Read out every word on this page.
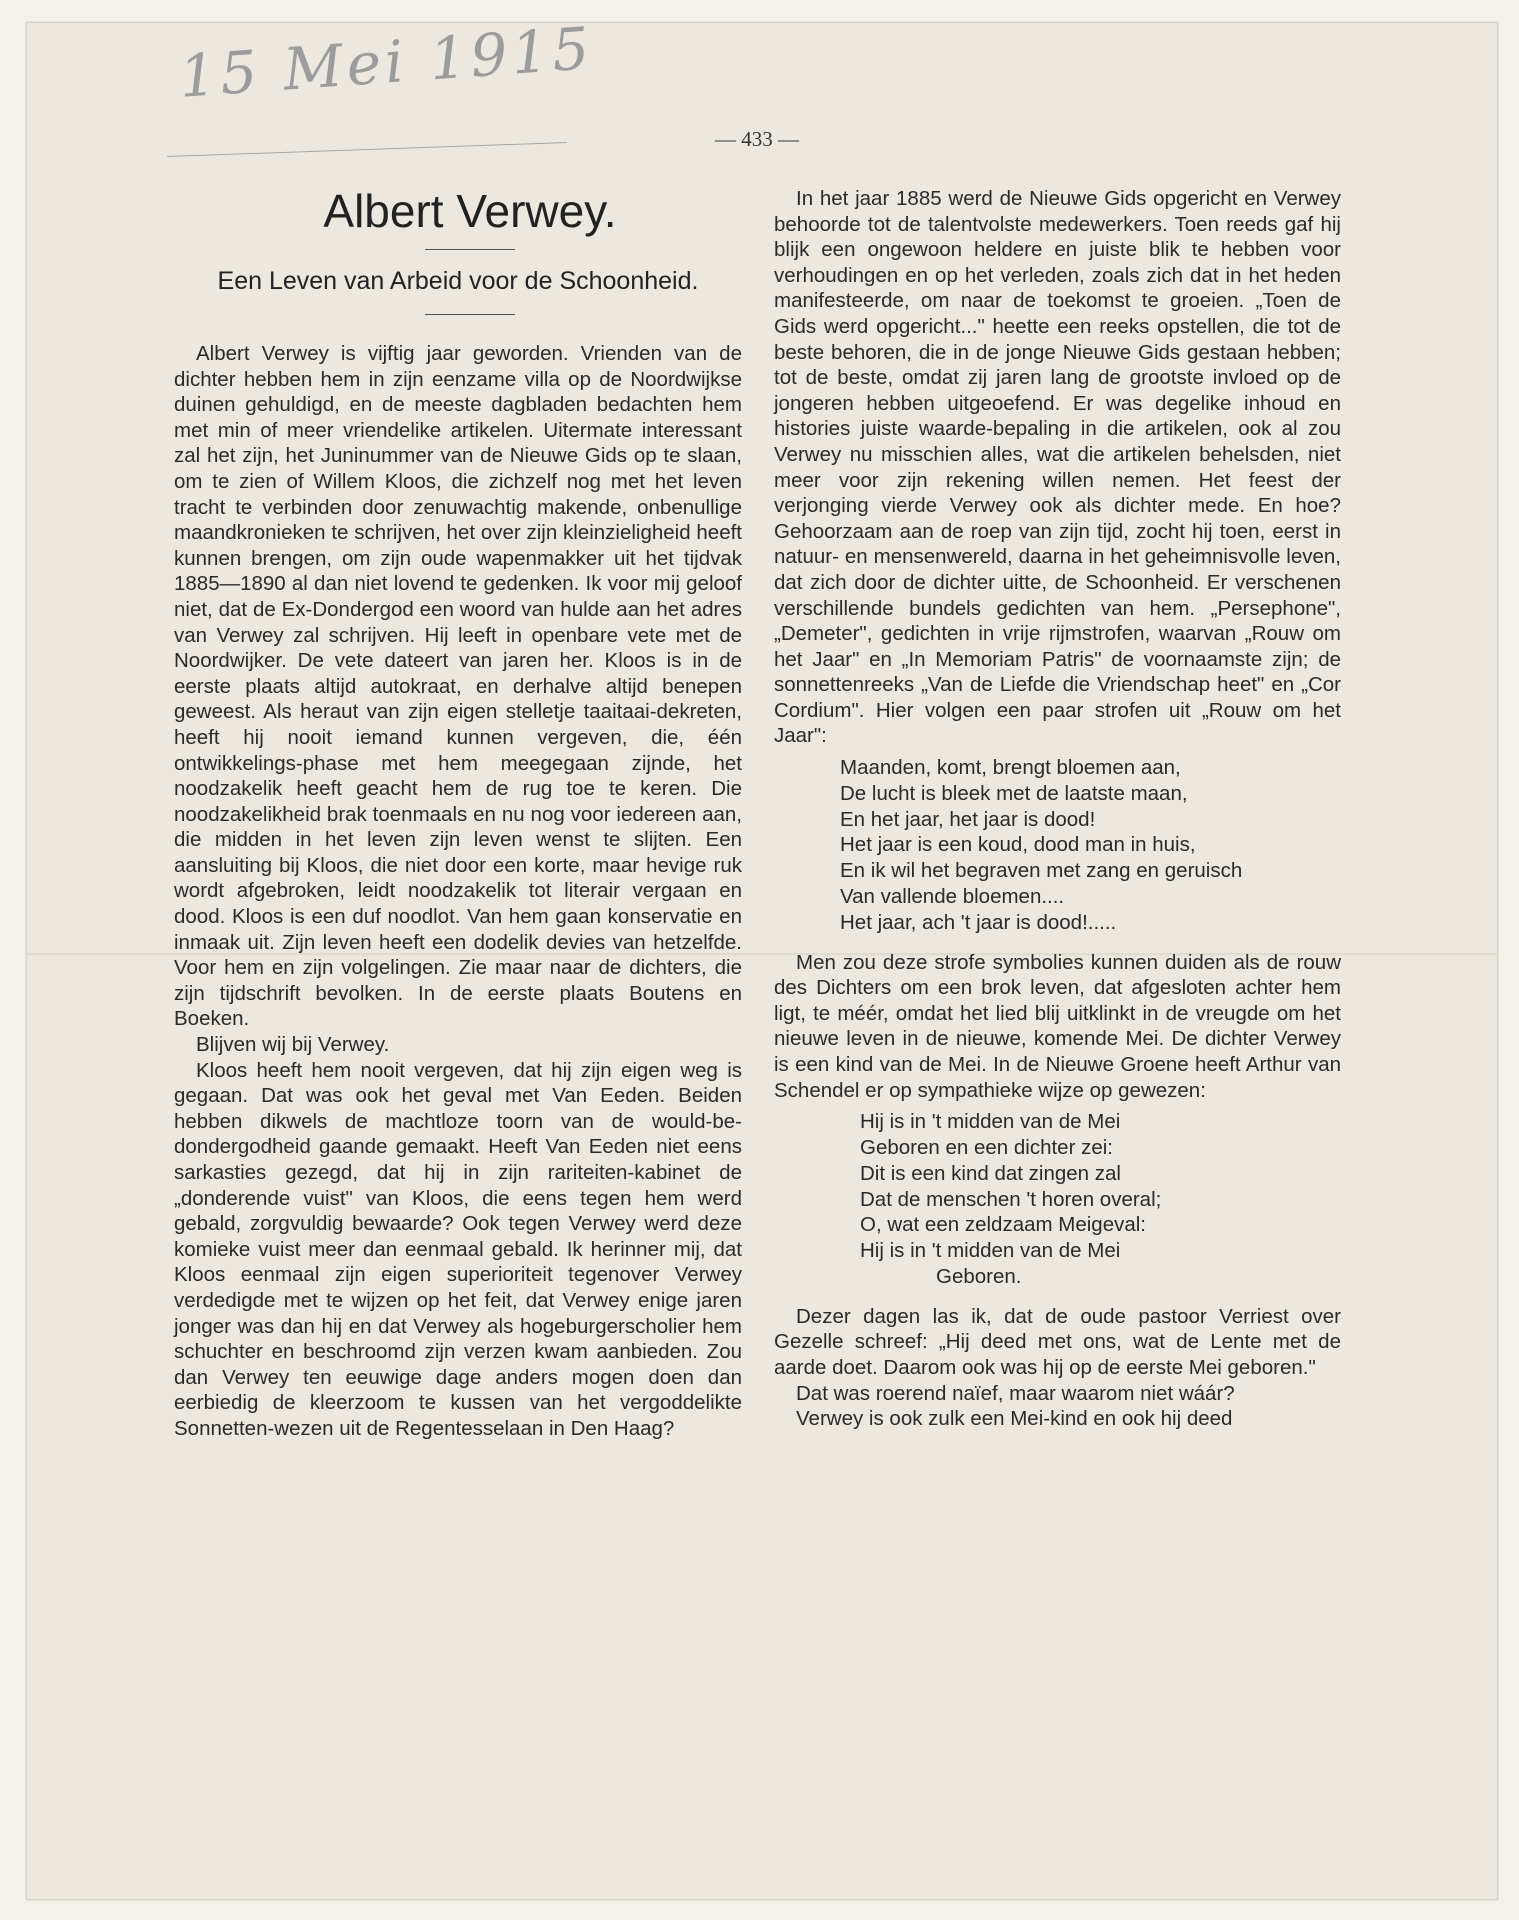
15 Mei 1915
— 433 —
Albert Verwey.
Een Leven van Arbeid voor de Schoonheid.

Albert Verwey is vijftig jaar geworden. Vrienden van de dichter hebben hem in zijn eenzame villa op de Noordwijkse duinen gehuldigd, en de meeste dagbladen bedachten hem met min of meer vriendelike artikelen. Uitermate interessant zal het zijn, het Juninummer van de Nieuwe Gids op te slaan, om te zien of Willem Kloos, die zichzelf nog met het leven tracht te verbinden door zenuwachtig makende, onbenullige maandkronieken te schrijven, het over zijn kleinzieligheid heeft kunnen brengen, om zijn oude wapenmakker uit het tijdvak 1885—1890 al dan niet lovend te gedenken. Ik voor mij geloof niet, dat de Ex-Dondergod een woord van hulde aan het adres van Verwey zal schrijven. Hij leeft in openbare vete met de Noordwijker. De vete dateert van jaren her. Kloos is in de eerste plaats altijd autokraat, en derhalve altijd benepen geweest. Als heraut van zijn eigen stelletje taaitaai-dekreten, heeft hij nooit iemand kunnen vergeven, die, één ontwikkelings-phase met hem meegegaan zijnde, het noodzakelik heeft geacht hem de rug toe te keren. Die noodzakelikheid brak toenmaals en nu nog voor iedereen aan, die midden in het leven zijn leven wenst te slijten. Een aansluiting bij Kloos, die niet door een korte, maar hevige ruk wordt afgebroken, leidt noodzakelik tot literair vergaan en dood. Kloos is een duf noodlot. Van hem gaan konservatie en inmaak uit. Zijn leven heeft een dodelik devies van hetzelfde. Voor hem en zijn volgelingen. Zie maar naar de dichters, die zijn tijdschrift bevolken. In de eerste plaats Boutens en Boeken.

Blijven wij bij Verwey.

Kloos heeft hem nooit vergeven, dat hij zijn eigen weg is gegaan. Dat was ook het geval met Van Eeden. Beiden hebben dikwels de machtloze toorn van de would-be-dondergodheid gaande gemaakt. Heeft Van Eeden niet eens sarkasties gezegd, dat hij in zijn rariteiten-kabinet de „donderende vuist" van Kloos, die eens tegen hem werd gebald, zorgvuldig bewaarde? Ook tegen Verwey werd deze komieke vuist meer dan eenmaal gebald. Ik herinner mij, dat Kloos eenmaal zijn eigen superioriteit tegenover Verwey verdedigde met te wijzen op het feit, dat Verwey enige jaren jonger was dan hij en dat Verwey als hogeburgerscholier hem schuchter en beschroomd zijn verzen kwam aanbieden. Zou dan Verwey ten eeuwige dage anders mogen doen dan eerbiedig de kleerzoom te kussen van het vergoddelikte Sonnetten-wezen uit de Regentesselaan in Den Haag?

In het jaar 1885 werd de Nieuwe Gids opgericht en Verwey behoorde tot de talentvolste medewerkers. Toen reeds gaf hij blijk een ongewoon heldere en juiste blik te hebben voor verhoudingen en op het verleden, zoals zich dat in het heden manifesteerde, om naar de toekomst te groeien. „Toen de Gids werd opgericht..." heette een reeks opstellen, die tot de beste behoren, die in de jonge Nieuwe Gids gestaan hebben; tot de beste, omdat zij jaren lang de grootste invloed op de jongeren hebben uitgeoefend. Er was degelike inhoud en histories juiste waarde-bepaling in die artikelen, ook al zou Verwey nu misschien alles, wat die artikelen behelsden, niet meer voor zijn rekening willen nemen. Het feest der verjonging vierde Verwey ook als dichter mede. En hoe? Gehoorzaam aan de roep van zijn tijd, zocht hij toen, eerst in natuur- en mensenwereld, daarna in het geheimnisvolle leven, dat zich door de dichter uitte, de Schoonheid. Er verschenen verschillende bundels gedichten van hem. „Persephone", „Demeter", gedichten in vrije rijmstrofen, waarvan „Rouw om het Jaar" en „In Memoriam Patris" de voornaamste zijn; de sonnettenreeks „Van de Liefde die Vriendschap heet" en „Cor Cordium". Hier volgen een paar strofen uit „Rouw om het Jaar":

Maanden, komt, brengt bloemen aan,
De lucht is bleek met de laatste maan,
En het jaar, het jaar is dood!
Het jaar is een koud, dood man in huis,
En ik wil het begraven met zang en geruisch
Van vallende bloemen....
Het jaar, ach 't jaar is dood!.....

Men zou deze strofe symbolies kunnen duiden als de rouw des Dichters om een brok leven, dat afgesloten achter hem ligt, te méér, omdat het lied blij uitklinkt in de vreugde om het nieuwe leven in de nieuwe, komende Mei. De dichter Verwey is een kind van de Mei. In de Nieuwe Groene heeft Arthur van Schendel er op sympathieke wijze op gewezen:

Hij is in 't midden van de Mei
Geboren en een dichter zei:
Dit is een kind dat zingen zal
Dat de menschen 't horen overal;
O, wat een zeldzaam Meigeval:
Hij is in 't midden van de Mei
Geboren.

Dezer dagen las ik, dat de oude pastoor Verriest over Gezelle schreef: „Hij deed met ons, wat de Lente met de aarde doet. Daarom ook was hij op de eerste Mei geboren."

Dat was roerend naïef, maar waarom niet wáár?

Verwey is ook zulk een Mei-kind en ook hij deed
